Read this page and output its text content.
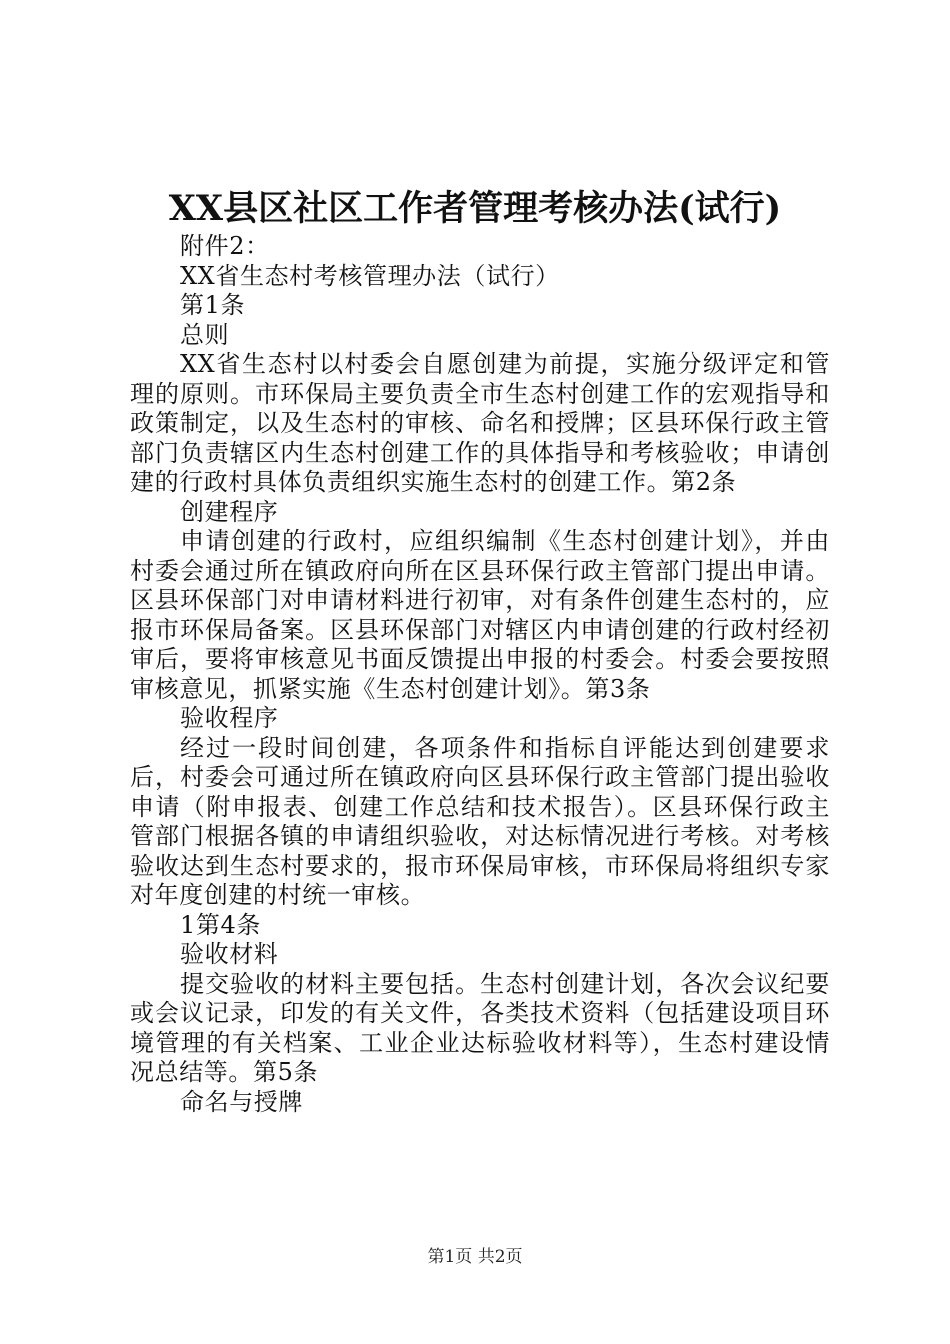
XX县区社区工作者管理考核办法(试行)

附件2：

XX省生态村考核管理办法（试行）

第1条

总则

XX省生态村以村委会自愿创建为前提，实施分级评定和管理的原则。市环保局主要负责全市生态村创建工作的宏观指导和政策制定，以及生态村的审核、命名和授牌；区县环保行政主管部门负责辖区内生态村创建工作的具体指导和考核验收；申请创建的行政村具体负责组织实施生态村的创建工作。第2条

创建程序

申请创建的行政村，应组织编制《生态村创建计划》，并由村委会通过所在镇政府向所在区县环保行政主管部门提出申请。区县环保部门对申请材料进行初审，对有条件创建生态村的，应报市环保局备案。区县环保部门对辖区内申请创建的行政村经初审后，要将审核意见书面反馈提出申报的村委会。村委会要按照审核意见，抓紧实施《生态村创建计划》。第3条

验收程序

经过一段时间创建，各项条件和指标自评能达到创建要求后，村委会可通过所在镇政府向区县环保行政主管部门提出验收申请（附申报表、创建工作总结和技术报告）。区县环保行政主管部门根据各镇的申请组织验收，对达标情况进行考核。对考核验收达到生态村要求的，报市环保局审核，市环保局将组织专家对年度创建的村统一审核。

1第4条

验收材料

提交验收的材料主要包括。生态村创建计划，各次会议纪要或会议记录，印发的有关文件，各类技术资料（包括建设项目环境管理的有关档案、工业企业达标验收材料等），生态村建设情况总结等。第5条

命名与授牌

第1页 共2页
